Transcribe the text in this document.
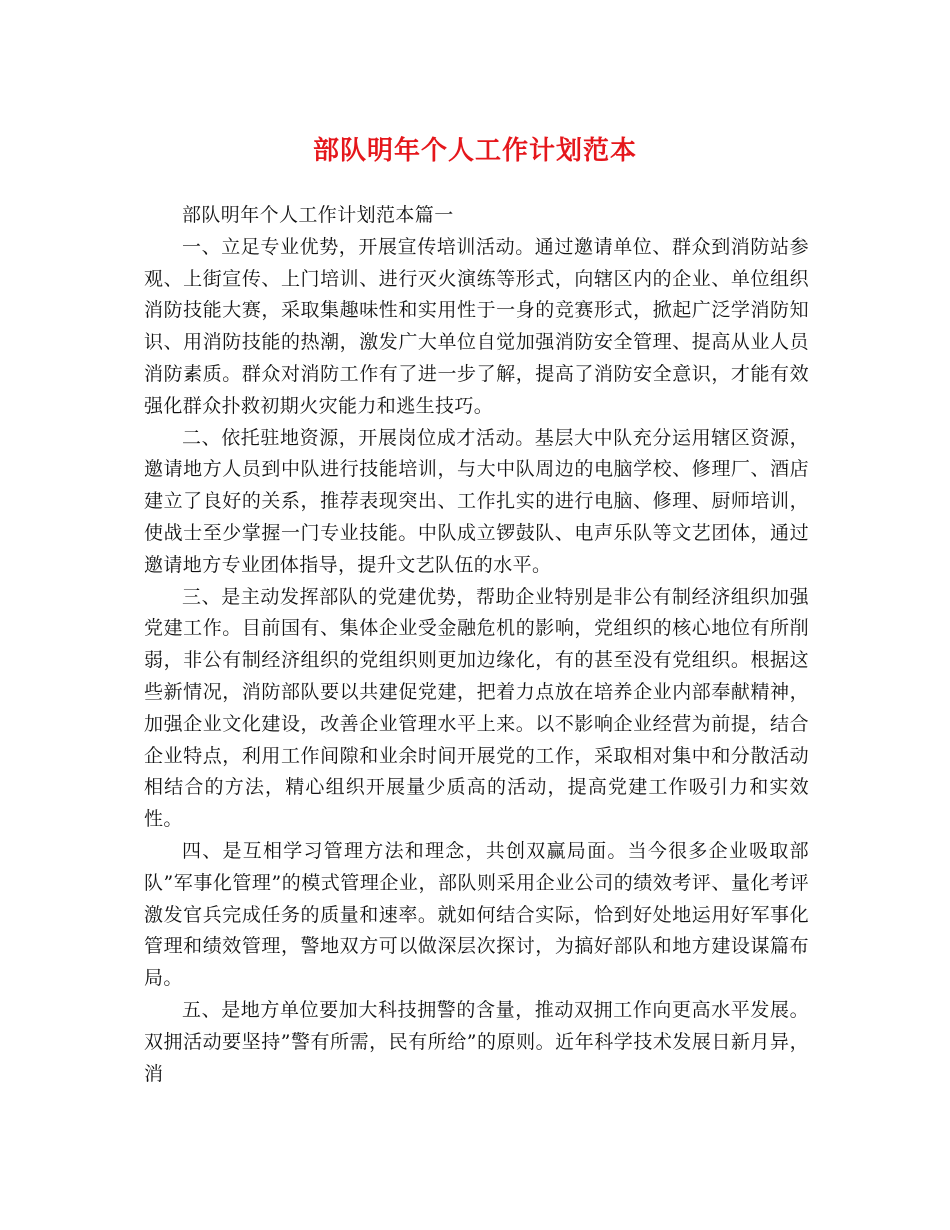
部队明年个人工作计划范本

部队明年个人工作计划范本篇一

一、立足专业优势，开展宣传培训活动。通过邀请单位、群众到消防站参观、上街宣传、上门培训、进行灭火演练等形式，向辖区内的企业、单位组织消防技能大赛，采取集趣味性和实用性于一身的竞赛形式，掀起广泛学消防知识、用消防技能的热潮，激发广大单位自觉加强消防安全管理、提高从业人员消防素质。群众对消防工作有了进一步了解，提高了消防安全意识，才能有效强化群众扑救初期火灾能力和逃生技巧。

二、依托驻地资源，开展岗位成才活动。基层大中队充分运用辖区资源，邀请地方人员到中队进行技能培训，与大中队周边的电脑学校、修理厂、酒店建立了良好的关系，推荐表现突出、工作扎实的进行电脑、修理、厨师培训，使战士至少掌握一门专业技能。中队成立锣鼓队、电声乐队等文艺团体，通过邀请地方专业团体指导，提升文艺队伍的水平。

三、是主动发挥部队的党建优势，帮助企业特别是非公有制经济组织加强党建工作。目前国有、集体企业受金融危机的影响，党组织的核心地位有所削弱，非公有制经济组织的党组织则更加边缘化，有的甚至没有党组织。根据这些新情况，消防部队要以共建促党建，把着力点放在培养企业内部奉献精神，加强企业文化建设，改善企业管理水平上来。以不影响企业经营为前提，结合企业特点，利用工作间隙和业余时间开展党的工作，采取相对集中和分散活动相结合的方法，精心组织开展量少质高的活动，提高党建工作吸引力和实效性。

四、是互相学习管理方法和理念，共创双赢局面。当今很多企业吸取部队”军事化管理”的模式管理企业，部队则采用企业公司的绩效考评、量化考评激发官兵完成任务的质量和速率。就如何结合实际，恰到好处地运用好军事化管理和绩效管理，警地双方可以做深层次探讨，为搞好部队和地方建设谋篇布局。

五、是地方单位要加大科技拥警的含量，推动双拥工作向更高水平发展。双拥活动要坚持”警有所需，民有所给”的原则。近年科学技术发展日新月异，消
